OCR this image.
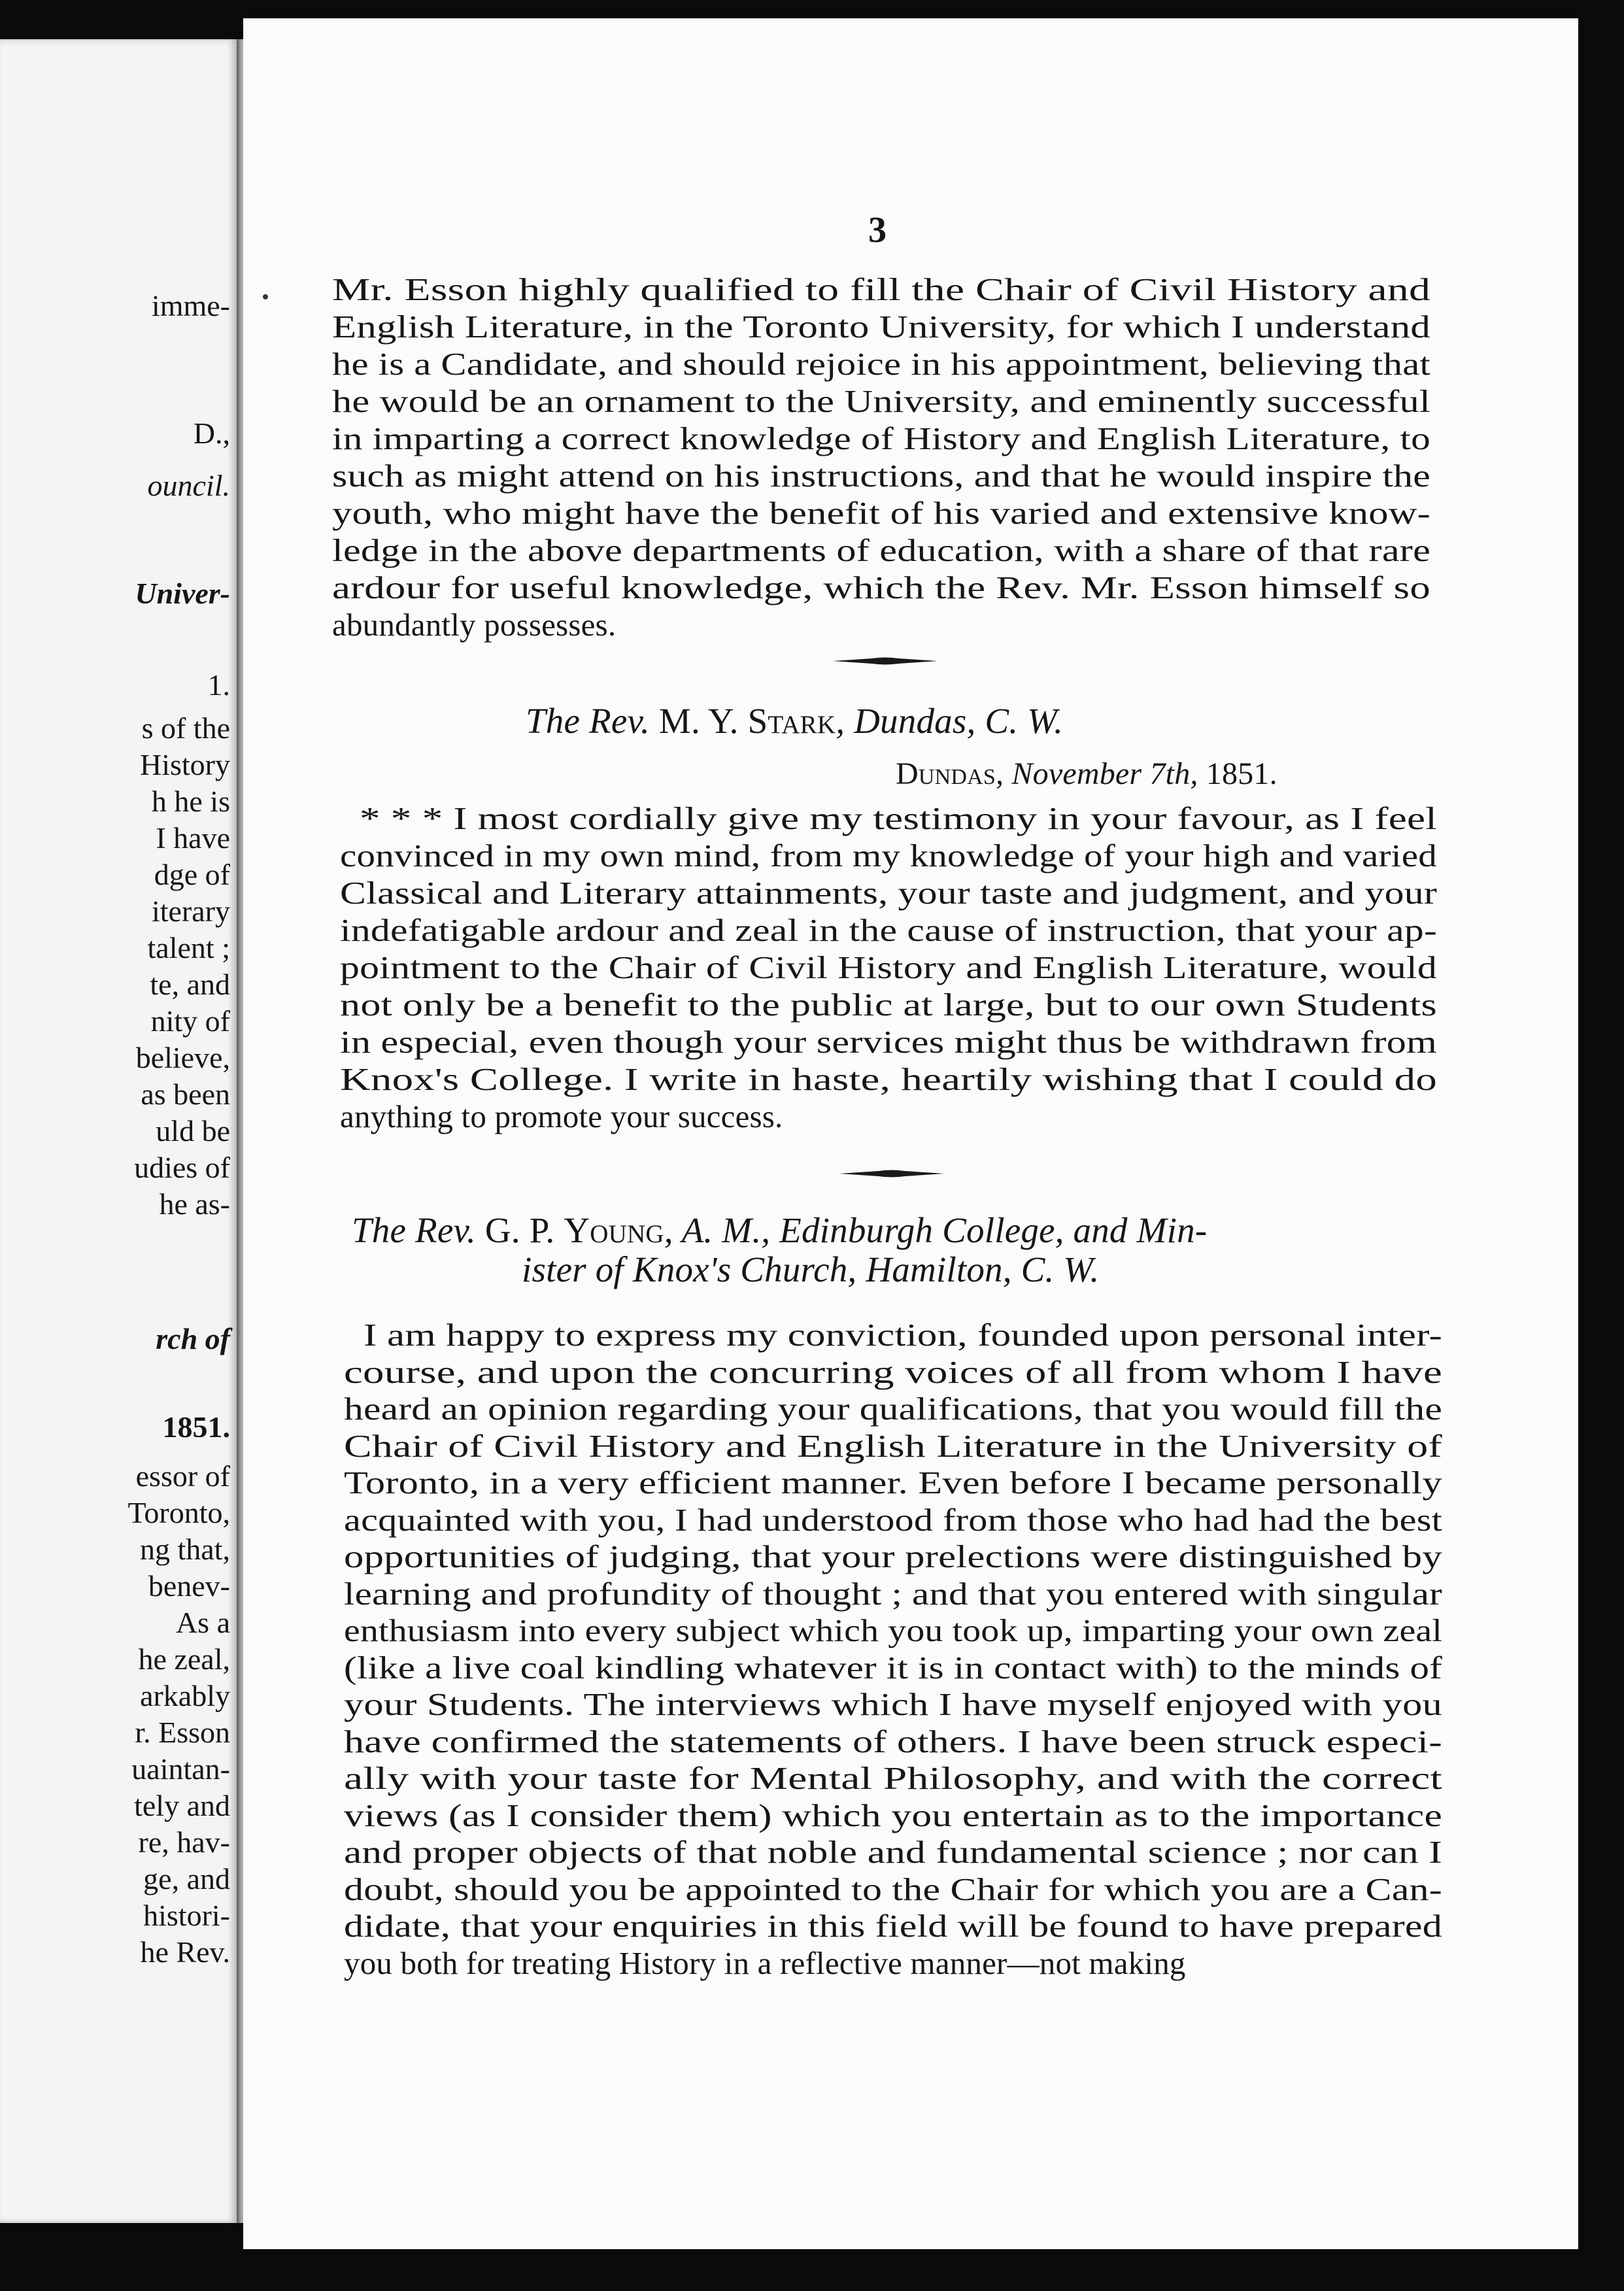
imme-
D.,
ouncil.
Univer-
1.
s of the
History
h he is
I have
dge of
iterary
talent ;
te, and
nity of
believe,
as been
uld be
udies of
he as-
rch of
1851.
essor of
Toronto,
ng that,
benev-
As a
he zeal,
arkably
r. Esson
uaintan-
tely and
re, hav-
ge, and
histori-
he Rev.
3
Mr. Esson highly qualified to fill the Chair of Civil History and
English Literature, in the Toronto University, for which I understand
he is a Candidate, and should rejoice in his appointment, believing that
he would be an ornament to the University, and eminently successful
in imparting a correct knowledge of History and English Literature, to
such as might attend on his instructions, and that he would inspire the
youth, who might have the benefit of his varied and extensive know-
ledge in the above departments of education, with a share of that rare
ardour for useful knowledge, which the Rev. Mr. Esson himself so
abundantly possesses.
The Rev. M. Y. Stark, Dundas, C. W.
Dundas, November 7th, 1851.
* * * I most cordially give my testimony in your favour, as I feel
convinced in my own mind, from my knowledge of your high and varied
Classical and Literary attainments, your taste and judgment, and your
indefatigable ardour and zeal in the cause of instruction, that your ap-
pointment to the Chair of Civil History and English Literature, would
not only be a benefit to the public at large, but to our own Students
in especial, even though your services might thus be withdrawn from
Knox's College. I write in haste, heartily wishing that I could do
anything to promote your success.
The Rev. G. P. Young, A. M., Edinburgh College, and Min-
ister of Knox's Church, Hamilton, C. W.
I am happy to express my conviction, founded upon personal inter-
course, and upon the concurring voices of all from whom I have
heard an opinion regarding your qualifications, that you would fill the
Chair of Civil History and English Literature in the University of
Toronto, in a very efficient manner. Even before I became personally
acquainted with you, I had understood from those who had had the best
opportunities of judging, that your prelections were distinguished by
learning and profundity of thought ; and that you entered with singular
enthusiasm into every subject which you took up, imparting your own zeal
(like a live coal kindling whatever it is in contact with) to the minds of
your Students. The interviews which I have myself enjoyed with you
have confirmed the statements of others. I have been struck especi-
ally with your taste for Mental Philosophy, and with the correct
views (as I consider them) which you entertain as to the importance
and proper objects of that noble and fundamental science ; nor can I
doubt, should you be appointed to the Chair for which you are a Can-
didate, that your enquiries in this field will be found to have prepared
you both for treating History in a reflective manner—not making
